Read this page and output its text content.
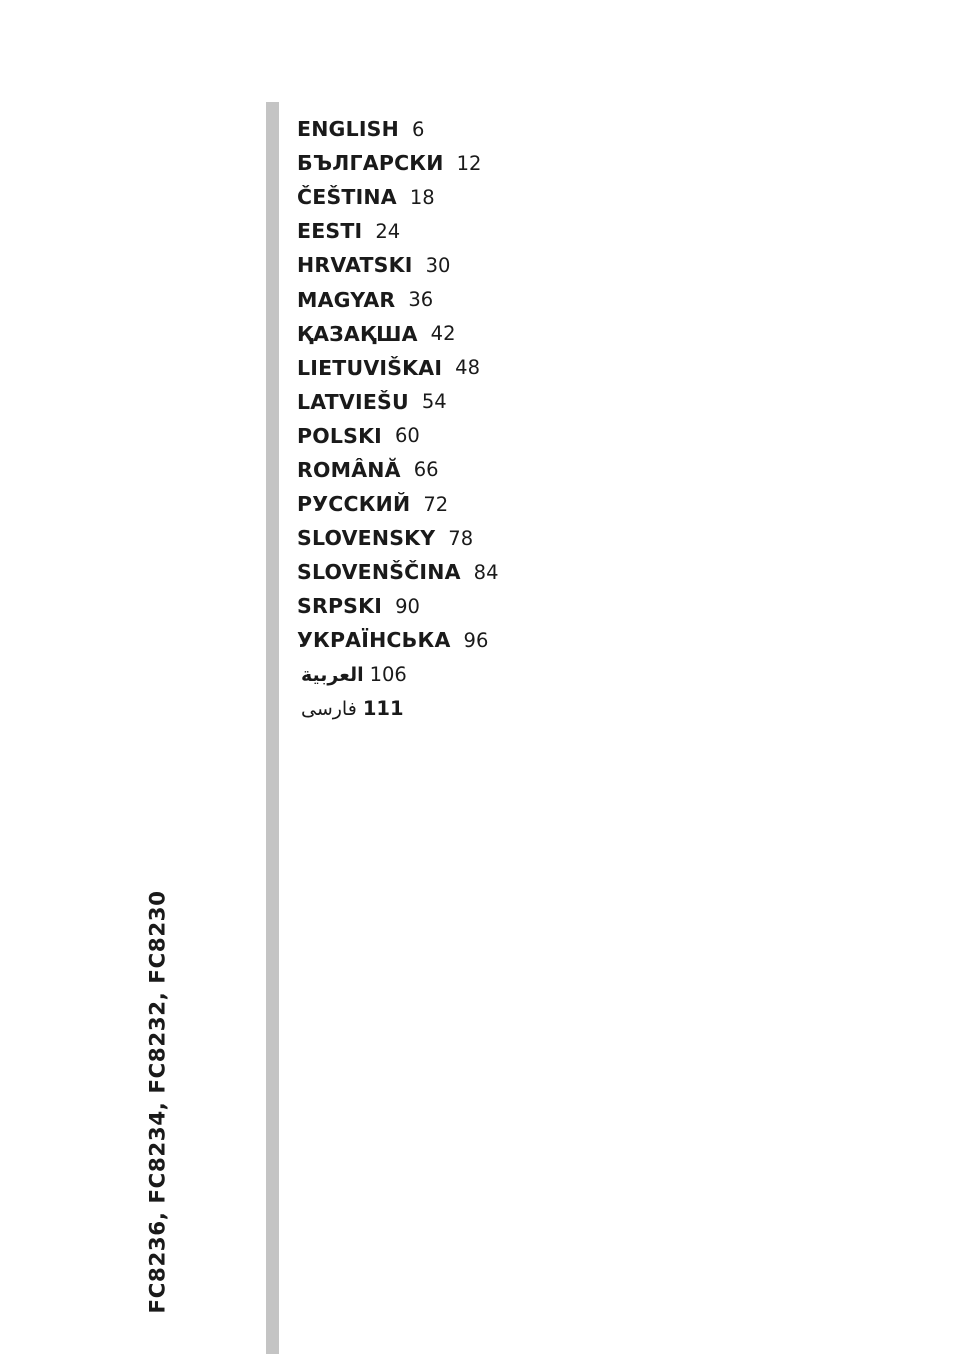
ENGLISH 6
БЪЛГАРСКИ 12
ČEŠTINA 18
EESTI 24
HRVATSKI 30
MAGYAR 36
ҚАЗАҚША 42
LIETUVIŠKAI 48
LATVIEŠU 54
POLSKI 60
ROMÂNĂ 66
РУССКИЙ 72
SLOVENSKY 78
SLOVENŠČINA 84
SRPSKI 90
УКРАЇНСЬКА 96
العربية 106
فارسی 111
FC8236, FC8234, FC8232, FC8230
